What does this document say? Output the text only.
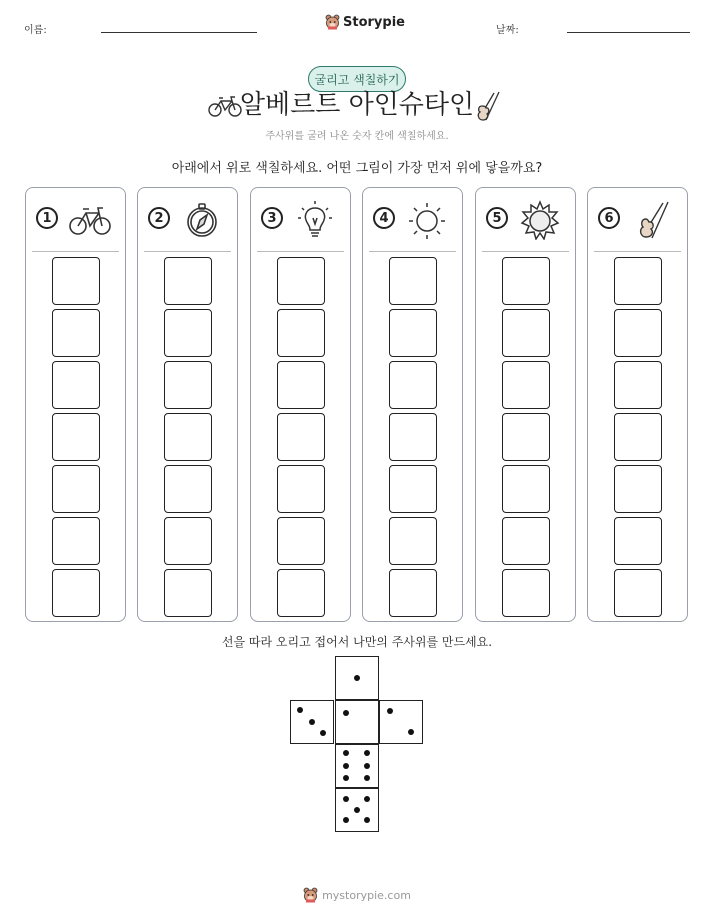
이름:
Storypie
날짜:
굴리고 색칠하기
알베르트 아인슈타인
주사위를 굴려 나온 숫자 칸에 색칠하세요.
아래에서 위로 색칠하세요. 어떤 그림이 가장 먼저 위에 닿을까요?
1	2	3	4	5	6
선을 따라 오리고 접어서 나만의 주사위를 만드세요.
mystorypie.com
